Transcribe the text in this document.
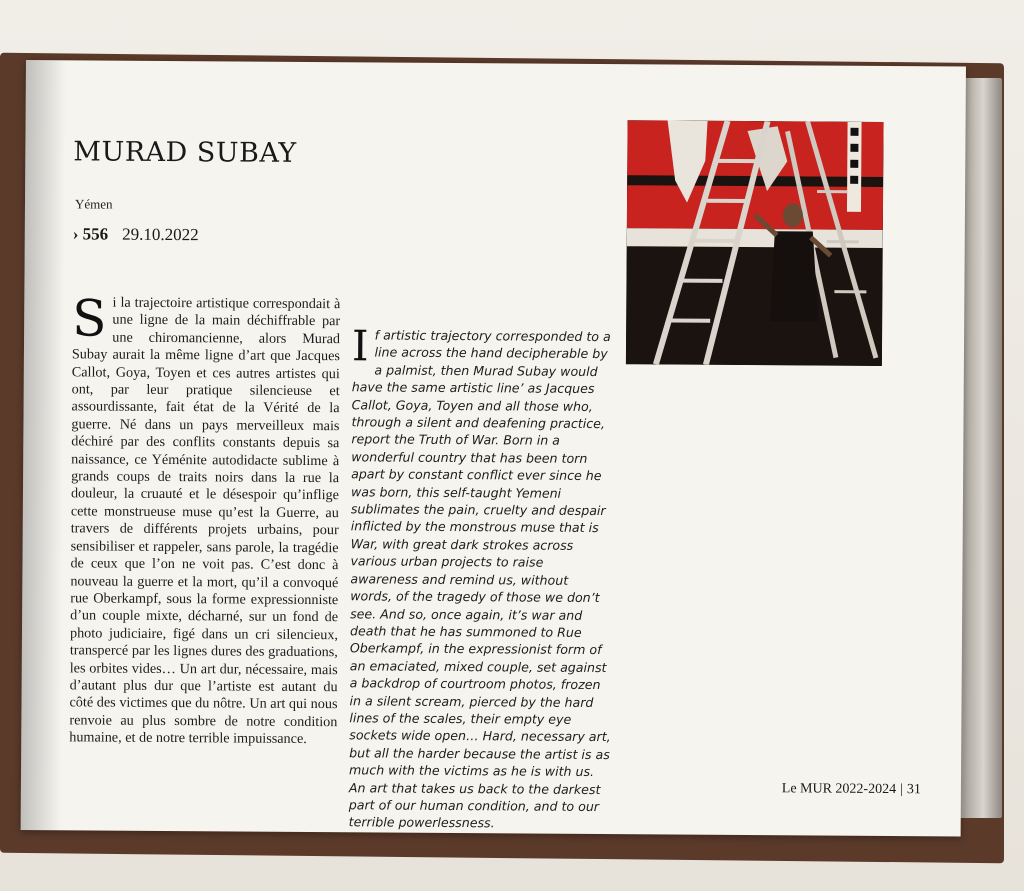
MURAD SUBAY
Yémen
› 556 29.10.2022

Si la trajectoire artistique correspondait à une ligne de la main déchiffrable par une chiromancienne, alors Murad Subay aurait la même ligne d’art que Jacques Callot, Goya, Toyen et ces autres artistes qui ont, par leur pratique silencieuse et assourdissante, fait état de la Vérité de la guerre. Né dans un pays merveilleux mais déchiré par des conflits constants depuis sa naissance, ce Yéménite autodidacte sublime à grands coups de traits noirs dans la rue la douleur, la cruauté et le désespoir qu’inflige cette monstrueuse muse qu’est la Guerre, au travers de différents projets urbains, pour sensibiliser et rappeler, sans parole, la tragédie de ceux que l’on ne voit pas. C’est donc à nouveau la guerre et la mort, qu’il a convoqué rue Oberkampf, sous la forme expressionniste d’un couple mixte, décharné, sur un fond de photo judiciaire, figé dans un cri silencieux, transpercé par les lignes dures des graduations, les orbites vides… Un art dur, nécessaire, mais d’autant plus dur que l’artiste est autant du côté des victimes que du nôtre. Un art qui nous renvoie au plus sombre de notre condition humaine, et de notre terrible impuissance.

If artistic trajectory corresponded to a line across the hand decipherable by a palmist, then Murad Subay would have the same artistic line’ as Jacques Callot, Goya, Toyen and all those who, through a silent and deafening practice, report the Truth of War. Born in a wonderful country that has been torn apart by constant conflict ever since he was born, this self-taught Yemeni sublimates the pain, cruelty and despair inflicted by the monstrous muse that is War, with great dark strokes across various urban projects to raise awareness and remind us, without words, of the tragedy of those we don’t see. And so, once again, it’s war and death that he has summoned to Rue Oberkampf, in the expressionist form of an emaciated, mixed couple, set against a backdrop of courtroom photos, frozen in a silent scream, pierced by the hard lines of the scales, their empty eye sockets wide open… Hard, necessary art, but all the harder because the artist is as much with the victims as he is with us. An art that takes us back to the darkest part of our human condition, and to our terrible powerlessness.

Le MUR 2022-2024 | 31
